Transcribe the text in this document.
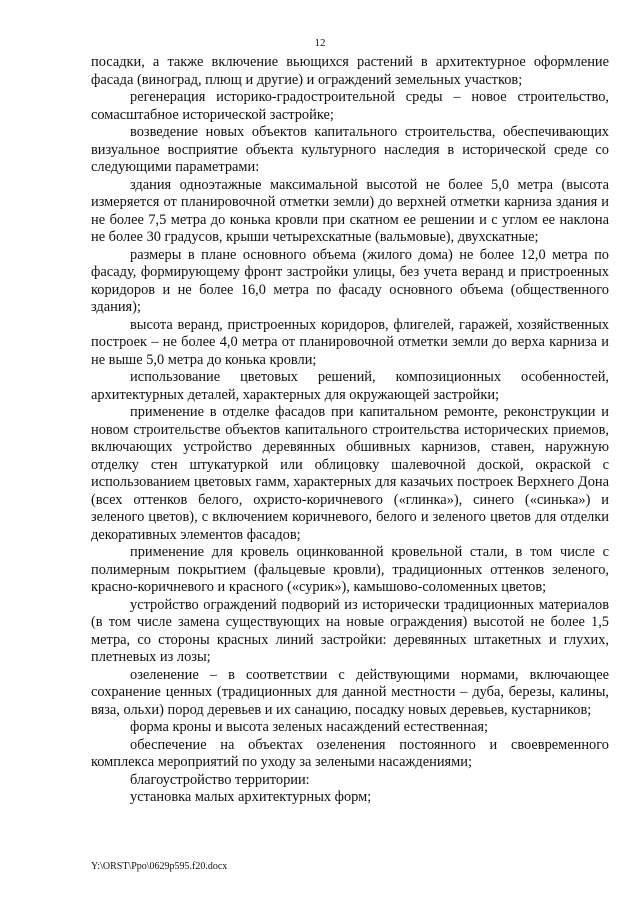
12

посадки, а также включение вьющихся растений в архитектурное оформление фасада (виноград, плющ и другие) и ограждений земельных участков;

регенерация историко-градостроительной среды – новое строительство, сомасштабное исторической застройке;

возведение новых объектов капитального строительства, обеспечивающих визуальное восприятие объекта культурного наследия в исторической среде со следующими параметрами:

здания одноэтажные максимальной высотой не более 5,0 метра (высота измеряется от планировочной отметки земли) до верхней отметки карниза здания и не более 7,5 метра до конька кровли при скатном ее решении и с углом ее наклона не более 30 градусов, крыши четырехскатные (вальмовые), двухскатные;

размеры в плане основного объема (жилого дома) не более 12,0 метра по фасаду, формирующему фронт застройки улицы, без учета веранд и пристроенных коридоров и не более 16,0 метра по фасаду основного объема (общественного здания);

высота веранд, пристроенных коридоров, флигелей, гаражей, хозяйственных построек – не более 4,0 метра от планировочной отметки земли до верха карниза и не выше 5,0 метра до конька кровли;

использование цветовых решений, композиционных особенностей, архитектурных деталей, характерных для окружающей застройки;

применение в отделке фасадов при капитальном ремонте, реконструкции и новом строительстве объектов капитального строительства исторических приемов, включающих устройство деревянных обшивных карнизов, ставен, наружную отделку стен штукатуркой или облицовку шалевочной доской, окраской с использованием цветовых гамм, характерных для казачьих построек Верхнего Дона (всех оттенков белого, охристо-коричневого («глинка»), синего («синька») и зеленого цветов), с включением коричневого, белого и зеленого цветов для отделки декоративных элементов фасадов;

применение для кровель оцинкованной кровельной стали, в том числе с полимерным покрытием (фальцевые кровли), традиционных оттенков зеленого, красно-коричневого и красного («сурик»), камышово-соломенных цветов;

устройство ограждений подворий из исторически традиционных материалов (в том числе замена существующих на новые ограждения) высотой не более 1,5 метра, со стороны красных линий застройки: деревянных штакетных и глухих, плетневых из лозы;

озеленение – в соответствии с действующими нормами, включающее сохранение ценных (традиционных для данной местности – дуба, березы, калины, вяза, ольхи) пород деревьев и их санацию, посадку новых деревьев, кустарников;

форма кроны и высота зеленых насаждений естественная;

обеспечение на объектах озеленения постоянного и своевременного комплекса мероприятий по уходу за зелеными насаждениями;

благоустройство территории:

установка малых архитектурных форм;

Y:\ORST\Ppo\0629p595.f20.docx
